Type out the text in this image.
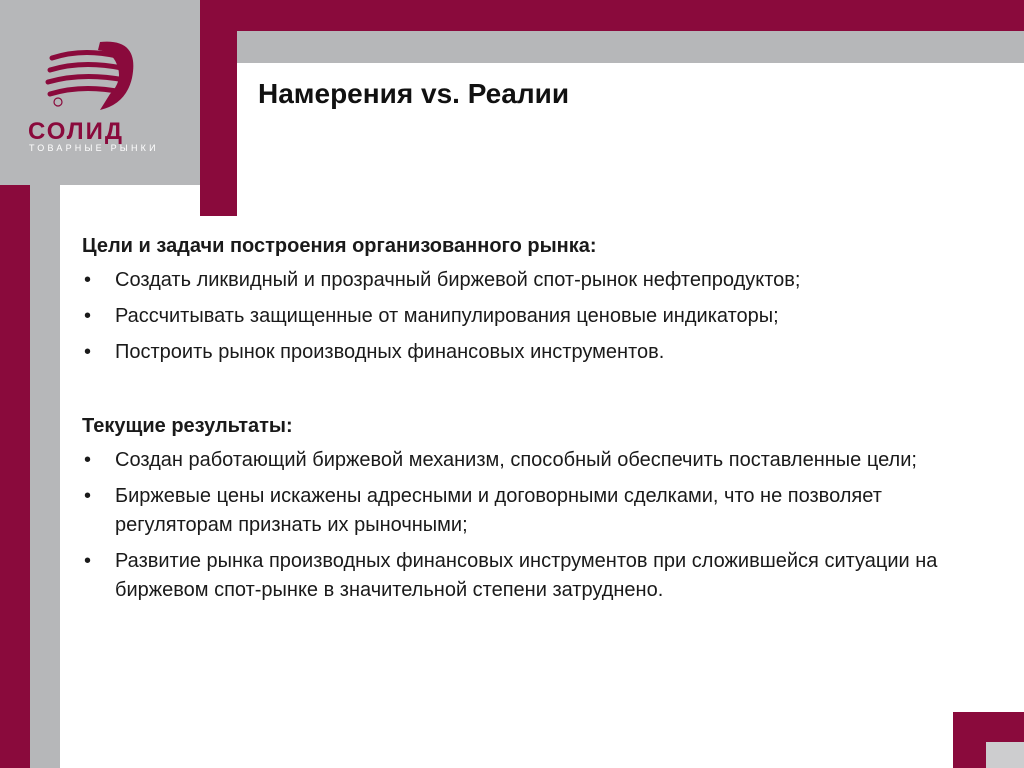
СОЛИД
ТОВАРНЫЕ РЫНКИ
Намерения vs. Реалии

Цели и задачи построения организованного рынка:

• Создать ликвидный и прозрачный биржевой спот-рынок нефтепродуктов;
• Рассчитывать защищенные от манипулирования ценовые индикаторы;
• Построить рынок производных финансовых инструментов.

Текущие результаты:

• Создан работающий биржевой механизм, способный обеспечить поставленные цели;
• Биржевые цены искажены адресными и договорными сделками, что не позволяет регуляторам признать их рыночными;
• Развитие рынка производных финансовых инструментов при сложившейся ситуации на биржевом спот-рынке в значительной степени затруднено.
